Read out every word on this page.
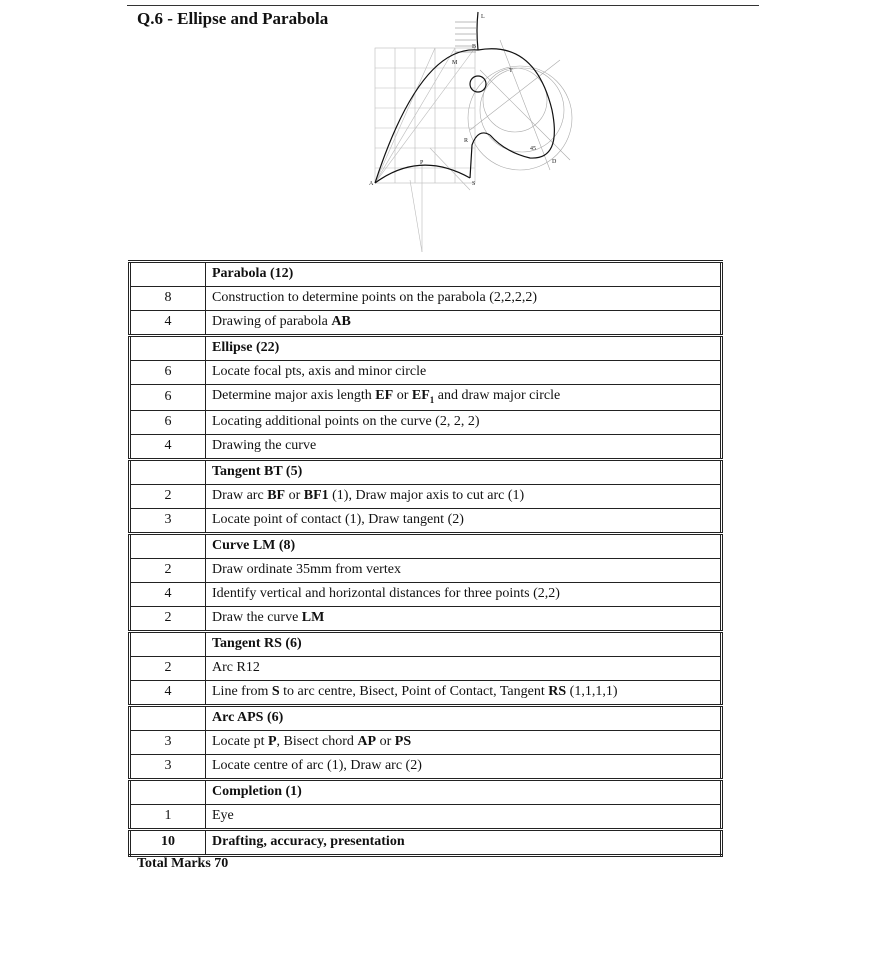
Q.6 - Ellipse and Parabola	L
B
M
T
R
D
P
A	S
45
	Parabola (12)
8	Construction to determine points on the parabola (2,2,2,2)
4	Drawing of parabola AB
	Ellipse (22)
6	Locate focal pts, axis and minor circle
6	Determine major axis length EF or $EF_1$ and draw major circle
6	Locating additional points on the curve (2, 2, 2)
4	Drawing the curve
	Tangent BT (5)
2	Draw arc BF or BF1 (1), Draw major axis to cut arc (1)
3	Locate point of contact (1), Draw tangent (2)
	Curve LM (8)
2	Draw ordinate 35mm from vertex
4	Identify vertical and horizontal distances for three points (2,2)
2	Draw the curve LM
	Tangent RS (6)
2	Arc R12
4	Line from S to arc centre, Bisect, Point of Contact, Tangent RS (1,1,1,1)
	Arc APS (6)
3	Locate pt P, Bisect chord AP or PS
3	Locate centre of arc (1), Draw arc (2)
	Completion (1)
1	Eye
10	Drafting, accuracy, presentation
Total Marks 70
